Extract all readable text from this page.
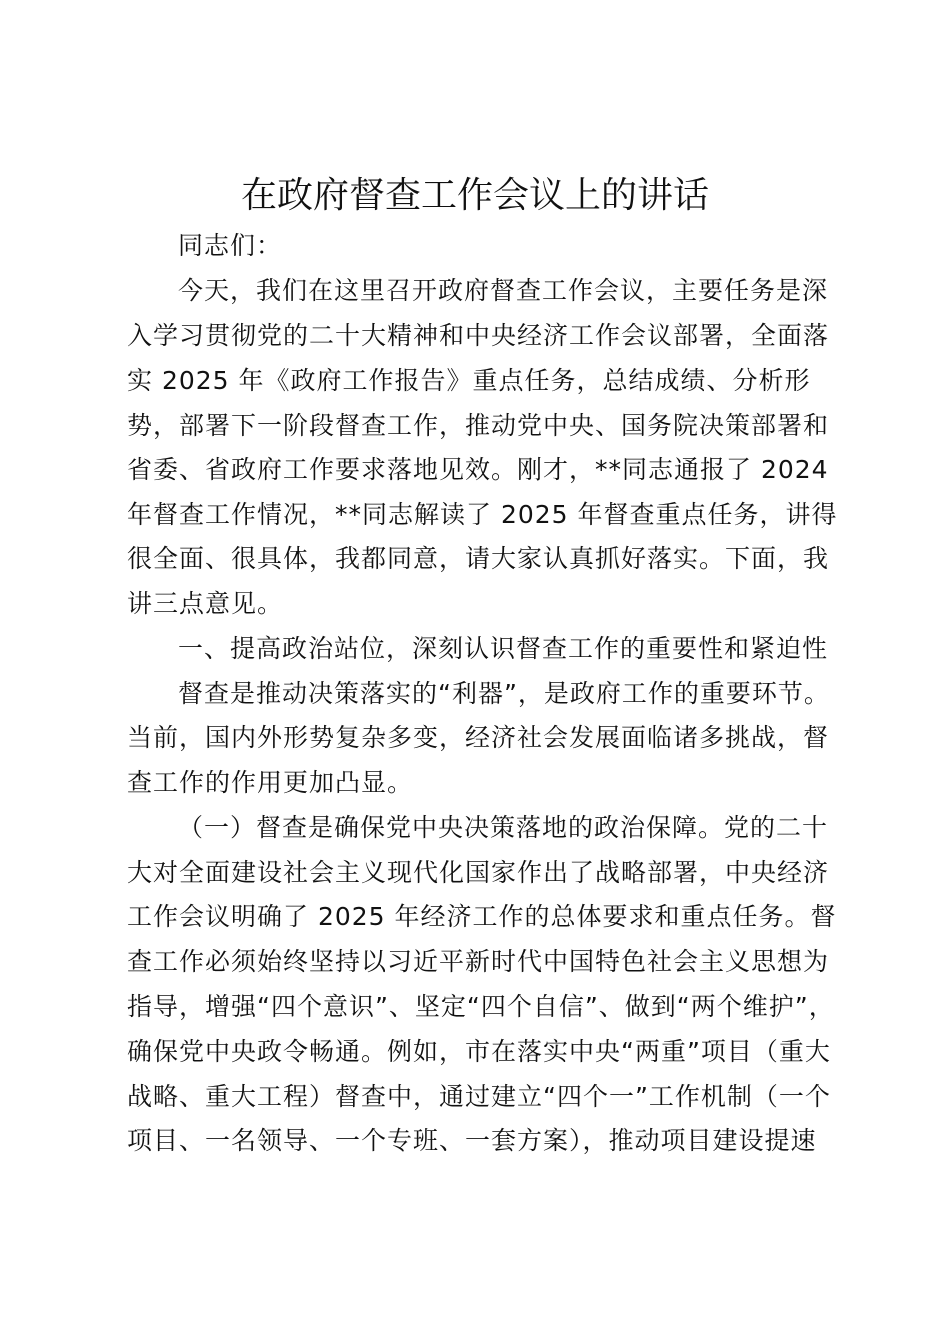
在政府督查工作会议上的讲话
同志们：
今天，我们在这里召开政府督查工作会议，主要任务是深
入学习贯彻党的二十大精神和中央经济工作会议部署，全面落
实 2025 年《政府工作报告》重点任务，总结成绩、分析形
势，部署下一阶段督查工作，推动党中央、国务院决策部署和
省委、省政府工作要求落地见效。刚才，**同志通报了 2024
年督查工作情况，**同志解读了 2025 年督查重点任务，讲得
很全面、很具体，我都同意，请大家认真抓好落实。下面，我
讲三点意见。
一、提高政治站位，深刻认识督查工作的重要性和紧迫性
督查是推动决策落实的“利器”，是政府工作的重要环节。
当前，国内外形势复杂多变，经济社会发展面临诸多挑战，督
查工作的作用更加凸显。
（一）督查是确保党中央决策落地的政治保障。党的二十
大对全面建设社会主义现代化国家作出了战略部署，中央经济
工作会议明确了 2025 年经济工作的总体要求和重点任务。督
查工作必须始终坚持以习近平新时代中国特色社会主义思想为
指导，增强“四个意识”、坚定“四个自信”、做到“两个维护”，
确保党中央政令畅通。例如，市在落实中央“两重”项目（重大
战略、重大工程）督查中，通过建立“四个一”工作机制（一个
项目、一名领导、一个专班、一套方案），推动项目建设提速
